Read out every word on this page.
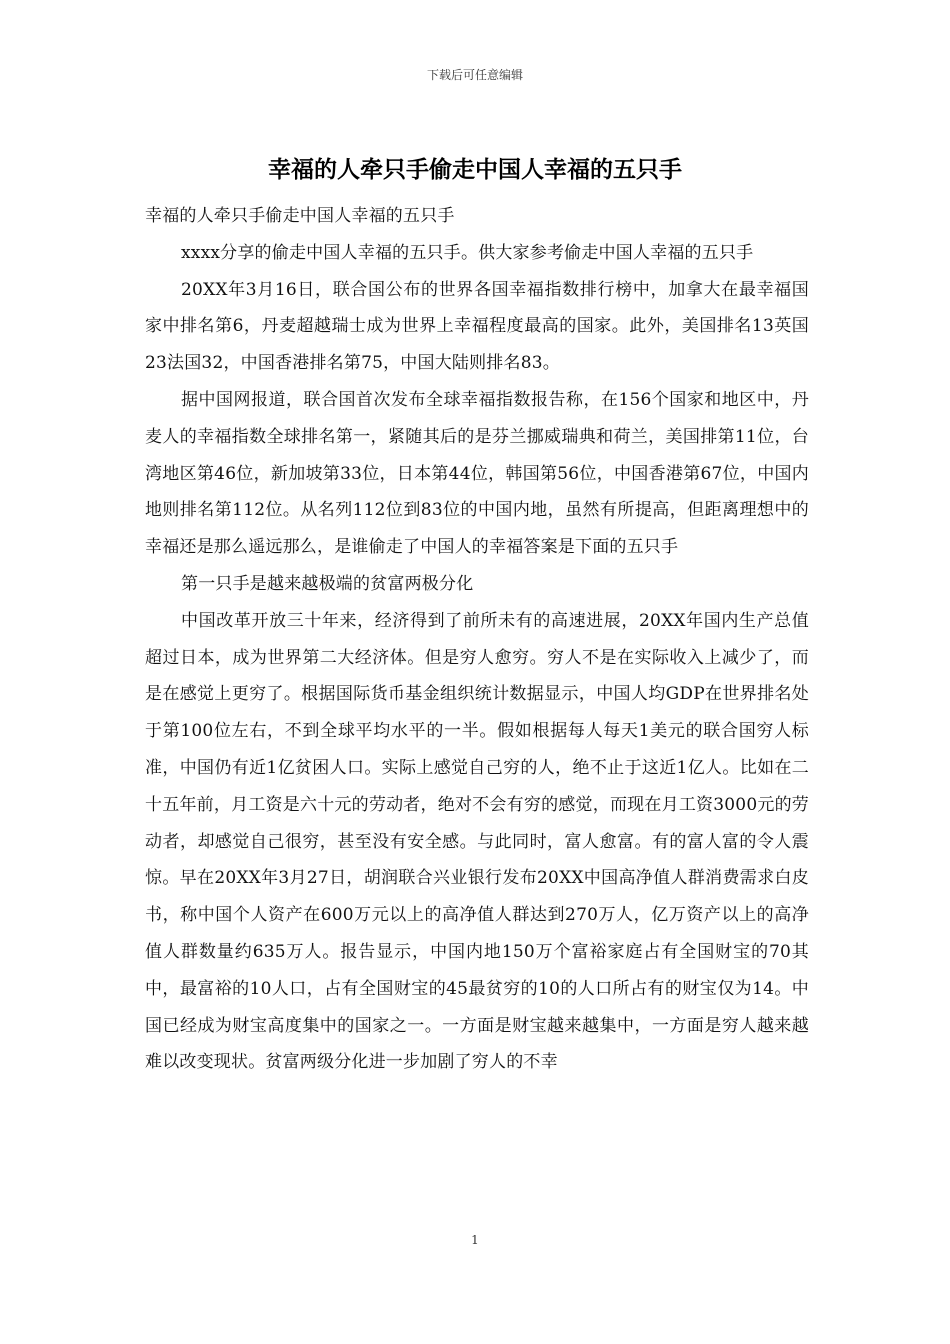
下载后可任意编辑
幸福的人牵只手偷走中国人幸福的五只手

幸福的人牵只手偷走中国人幸福的五只手

xxxx分享的偷走中国人幸福的五只手。供大家参考偷走中国人幸福的五只手

20XX年3月16日，联合国公布的世界各国幸福指数排行榜中，加拿大在最幸福国家中排名第6，丹麦超越瑞士成为世界上幸福程度最高的国家。此外，美国排名13英国23法国32，中国香港排名第75，中国大陆则排名83。

据中国网报道，联合国首次发布全球幸福指数报告称，在156个国家和地区中，丹麦人的幸福指数全球排名第一，紧随其后的是芬兰挪威瑞典和荷兰，美国排第11位，台湾地区第46位，新加坡第33位，日本第44位，韩国第56位，中国香港第67位，中国内地则排名第112位。从名列112位到83位的中国内地，虽然有所提高，但距离理想中的幸福还是那么遥远那么，是谁偷走了中国人的幸福答案是下面的五只手

第一只手是越来越极端的贫富两极分化

中国改革开放三十年来，经济得到了前所未有的高速进展，20XX年国内生产总值超过日本，成为世界第二大经济体。但是穷人愈穷。穷人不是在实际收入上减少了，而是在感觉上更穷了。根据国际货币基金组织统计数据显示，中国人均GDP在世界排名处于第100位左右，不到全球平均水平的一半。假如根据每人每天1美元的联合国穷人标准，中国仍有近1亿贫困人口。实际上感觉自己穷的人，绝不止于这近1亿人。比如在二十五年前，月工资是六十元的劳动者，绝对不会有穷的感觉，而现在月工资3000元的劳动者，却感觉自己很穷，甚至没有安全感。与此同时，富人愈富。有的富人富的令人震惊。早在20XX年3月27日，胡润联合兴业银行发布20XX中国高净值人群消费需求白皮书，称中国个人资产在600万元以上的高净值人群达到270万人，亿万资产以上的高净值人群数量约635万人。报告显示，中国内地150万个富裕家庭占有全国财宝的70其中，最富裕的10人口，占有全国财宝的45最贫穷的10的人口所占有的财宝仅为14。中国已经成为财宝高度集中的国家之一。一方面是财宝越来越集中，一方面是穷人越来越难以改变现状。贫富两级分化进一步加剧了穷人的不幸

1
